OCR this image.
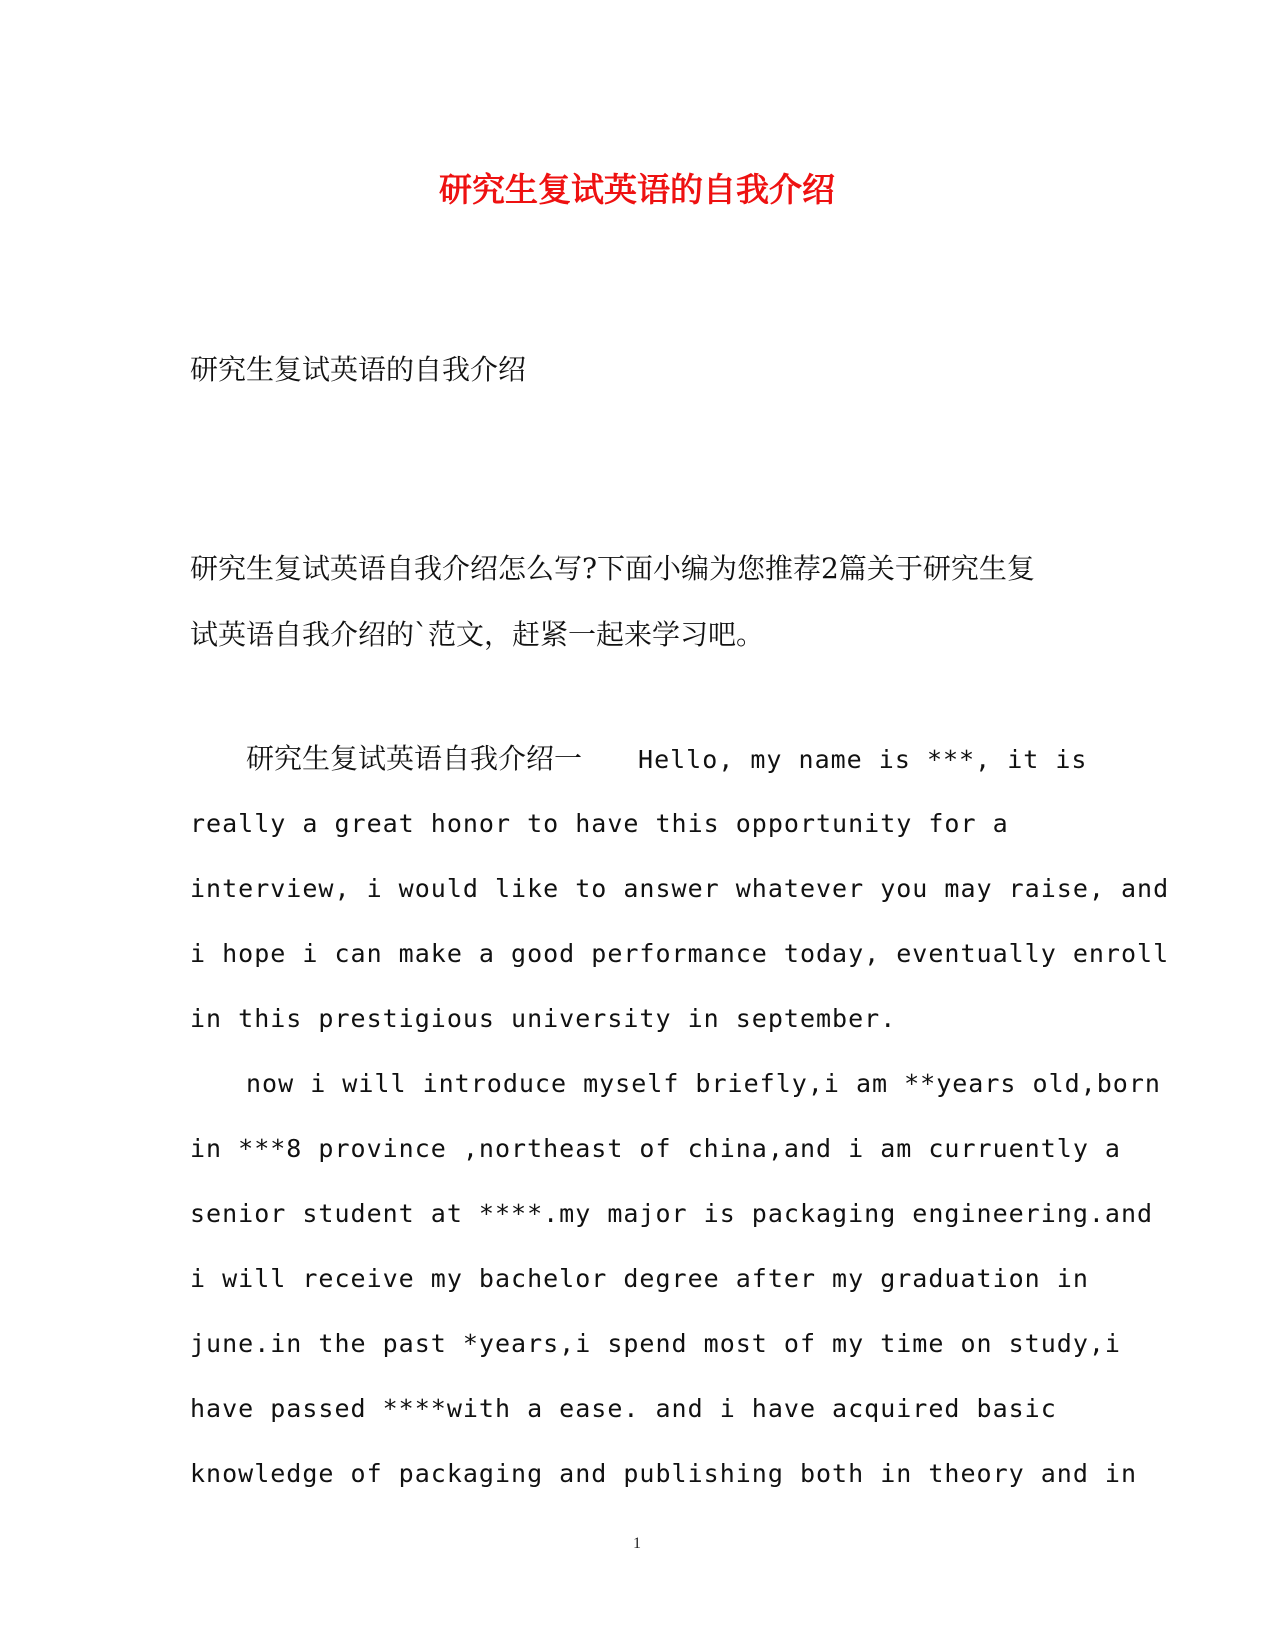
研究生复试英语的自我介绍
研究生复试英语的自我介绍
研究生复试英语自我介绍怎么写?下面小编为您推荐2篇关于研究生复
试英语自我介绍的`范文，赶紧一起来学习吧。
研究生复试英语自我介绍一 Hello, my name is ***, it is
really a great honor to have this opportunity for a
interview, i would like to answer whatever you may raise, and
i hope i can make a good performance today, eventually enroll
in this prestigious university in september.
now i will introduce myself briefly,i am **years old,born
in ***8 province ,northeast of china,and i am curruently a
senior student at ****.my major is packaging engineering.and
i will receive my bachelor degree after my graduation in
june.in the past *years,i spend most of my time on study,i
have passed ****with a ease. and i have acquired basic
knowledge of packaging and publishing both in theory and in
1
